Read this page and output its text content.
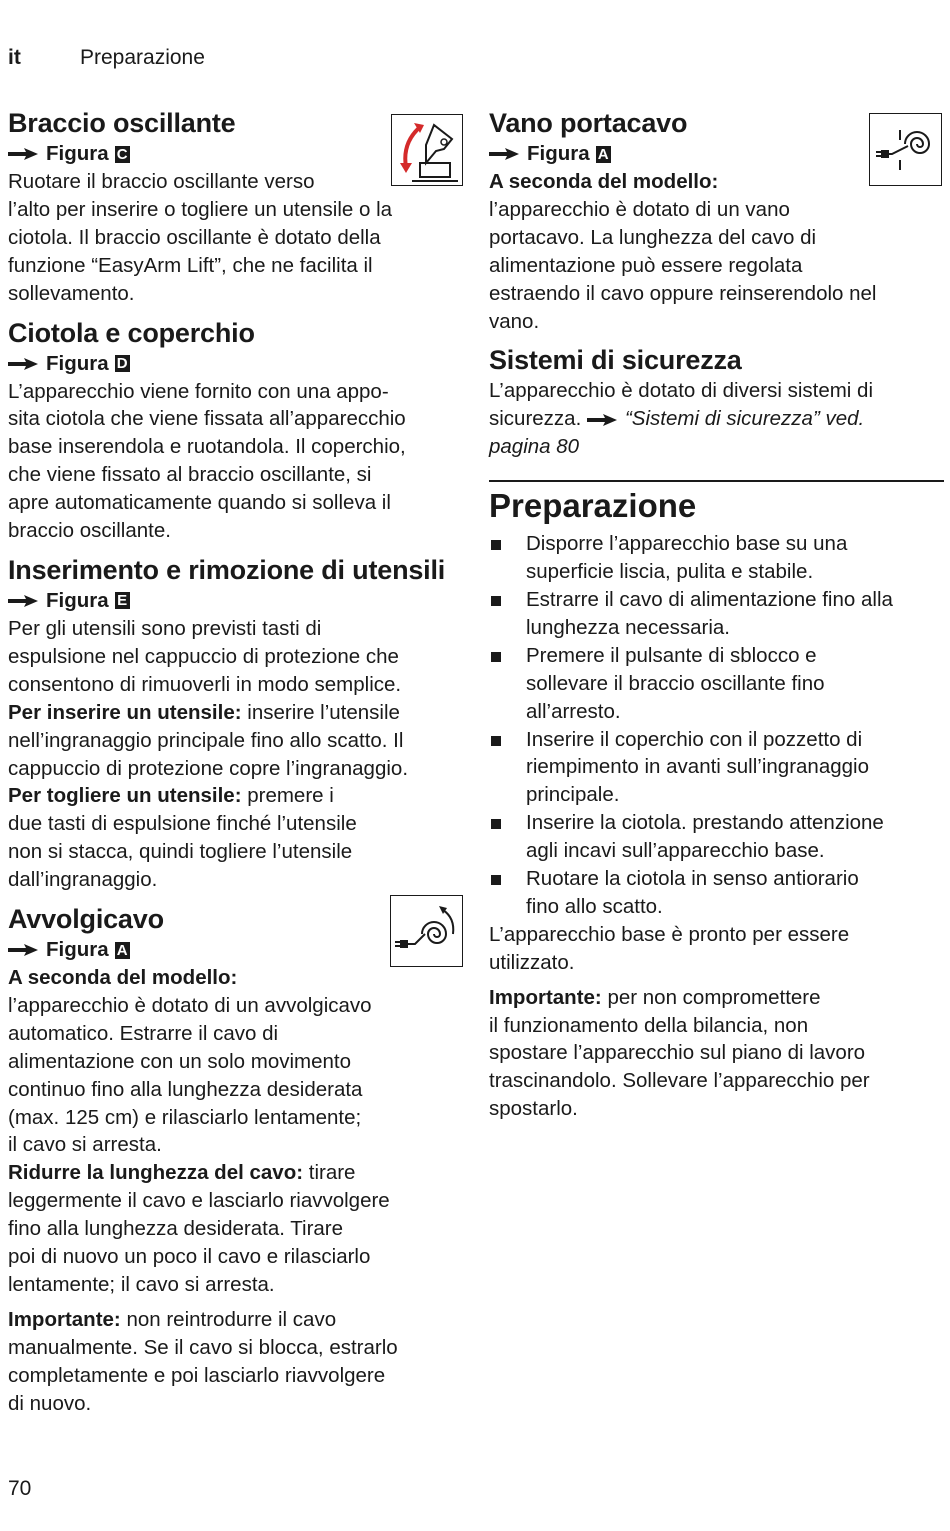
it	Preparazione
Braccio oscillante
Figura C

Ruotare il braccio oscillante verso
l’alto per inserire o togliere un utensile o la
ciotola. Il braccio oscillante è dotato della
funzione “EasyArm Lift”, che ne facilita il
sollevamento.

Ciotola e coperchio
Figura D

L’apparecchio viene fornito con una appo-
sita ciotola che viene fissata all’apparecchio
base inserendola e ruotandola. Il coperchio,
che viene fissato al braccio oscillante, si
apre automaticamente quando si solleva il
braccio oscillante.

Inserimento e rimozione di utensili
Figura E

Per gli utensili sono previsti tasti di
espulsione nel cappuccio di protezione che
consentono di rimuoverli in modo semplice.
Per inserire un utensile: inserire l’utensile
nell’ingranaggio principale fino allo scatto. Il
cappuccio di protezione copre l’ingranaggio.
Per togliere un utensile: premere i
due tasti di espulsione finché l’utensile
non si stacca, quindi togliere l’utensile
dall’ingranaggio.

Avvolgicavo
Figura A

A seconda del modello:
l’apparecchio è dotato di un avvolgicavo
automatico. Estrarre il cavo di
alimentazione con un solo movimento
continuo fino alla lunghezza desiderata
(max. 125 cm) e rilasciarlo lentamente;
il cavo si arresta.
Ridurre la lunghezza del cavo: tirare
leggermente il cavo e lasciarlo riavvolgere
fino alla lunghezza desiderata. Tirare
poi di nuovo un poco il cavo e rilasciarlo
lentamente; il cavo si arresta.

Importante: non reintrodurre il cavo
manualmente. Se il cavo si blocca, estrarlo
completamente e poi lasciarlo riavvolgere
di nuovo.

Vano portacavo
Figura A

A seconda del modello:
l’apparecchio è dotato di un vano
portacavo. La lunghezza del cavo di
alimentazione può essere regolata
estraendo il cavo oppure reinserendolo nel
vano.

Sistemi di sicurezza

L’apparecchio è dotato di diversi sistemi di
sicurezza. “Sistemi di sicurezza” ved.
pagina 80

Preparazione
Disporre l’apparecchio base su una
superficie liscia, pulita e stabile.
Estrarre il cavo di alimentazione fino alla
lunghezza necessaria.
Premere il pulsante di sblocco e
sollevare il braccio oscillante fino
all’arresto.
Inserire il coperchio con il pozzetto di
riempimento in avanti sull’ingranaggio
principale.
Inserire la ciotola. prestando attenzione
agli incavi sull’apparecchio base.
Ruotare la ciotola in senso antiorario
fino allo scatto.

L’apparecchio base è pronto per essere
utilizzato.

Importante: per non compromettere
il funzionamento della bilancia, non
spostare l’apparecchio sul piano di lavoro
trascinandolo. Sollevare l’apparecchio per
spostarlo.

70
